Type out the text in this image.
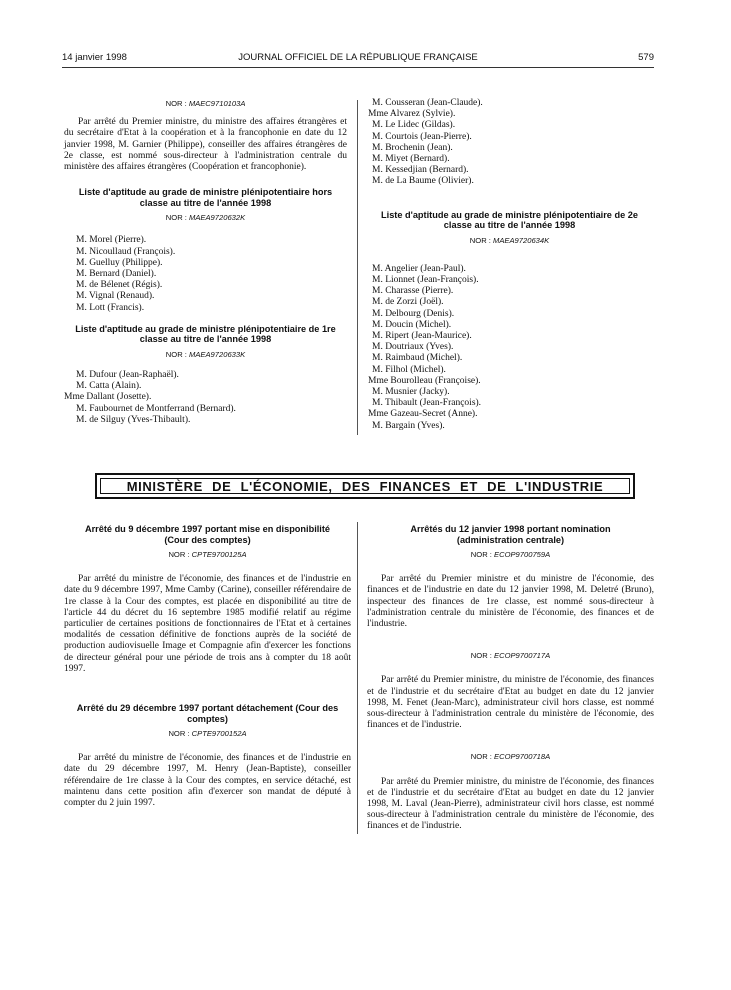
14 janvier 1998	JOURNAL OFFICIEL DE LA RÉPUBLIQUE FRANÇAISE	579

NOR : MAEC9710103A

Par arrêté du Premier ministre, du ministre des affaires étrangères et du secrétaire d'Etat à la coopération et à la francophonie en date du 12 janvier 1998, M. Garnier (Philippe), conseiller des affaires étrangères de 2e classe, est nommé sous-directeur à l'administration centrale du ministère des affaires étrangères (Coopération et francophonie).

Liste d'aptitude au grade de ministre plénipotentiaire hors classe au titre de l'année 1998

NOR : MAEA9720632K

M. Morel (Pierre).
M. Nicoullaud (François).
M. Guelluy (Philippe).
M. Bernard (Daniel).
M. de Bélenet (Régis).
M. Vignal (Renaud).
M. Lott (Francis).

Liste d'aptitude au grade de ministre plénipotentiaire de 1re classe au titre de l'année 1998

NOR : MAEA9720633K

M. Dufour (Jean-Raphaël).
M. Catta (Alain).
Mme Dallant (Josette).
M. Faubournet de Montferrand (Bernard).
M. de Silguy (Yves-Thibault).
M. Cousseran (Jean-Claude).
Mme Alvarez (Sylvie).
M. Le Lidec (Gildas).
M. Courtois (Jean-Pierre).
M. Brochenin (Jean).
M. Miyet (Bernard).
M. Kessedjian (Bernard).
M. de La Baume (Olivier).

Liste d'aptitude au grade de ministre plénipotentiaire de 2e classe au titre de l'année 1998

NOR : MAEA9720634K

M. Angelier (Jean-Paul).
M. Lionnet (Jean-François).
M. Charasse (Pierre).
M. de Zorzi (Joël).
M. Delbourg (Denis).
M. Doucin (Michel).
M. Ripert (Jean-Maurice).
M. Doutriaux (Yves).
M. Raimbaud (Michel).
M. Filhol (Michel).
Mme Bourolleau (Françoise).
M. Musnier (Jacky).
M. Thibault (Jean-François).
Mme Gazeau-Secret (Anne).
M. Bargain (Yves).
MINISTÈRE DE L'ÉCONOMIE, DES FINANCES ET DE L'INDUSTRIE

Arrêté du 9 décembre 1997 portant mise en disponibilité (Cour des comptes)

NOR : CPTE9700125A

Par arrêté du ministre de l'économie, des finances et de l'industrie en date du 9 décembre 1997, Mme Camby (Carine), conseiller référendaire de 1re classe à la Cour des comptes, est placée en disponibilité au titre de l'article 44 du décret du 16 septembre 1985 modifié relatif au régime particulier de certaines positions de fonctionnaires de l'Etat et à certaines modalités de cessation définitive de fonctions auprès de la société de production audiovisuelle Image et Compagnie afin d'exercer les fonctions de directeur général pour une période de trois ans à compter du 18 août 1997.

Arrêté du 29 décembre 1997 portant détachement (Cour des comptes)

NOR : CPTE9700152A

Par arrêté du ministre de l'économie, des finances et de l'industrie en date du 29 décembre 1997, M. Henry (Jean-Baptiste), conseiller référendaire de 1re classe à la Cour des comptes, en service détaché, est maintenu dans cette position afin d'exercer son mandat de député à compter du 2 juin 1997.

Arrêtés du 12 janvier 1998 portant nomination (administration centrale)

NOR : ECOP9700759A

Par arrêté du Premier ministre et du ministre de l'économie, des finances et de l'industrie en date du 12 janvier 1998, M. Deletré (Bruno), inspecteur des finances de 1re classe, est nommé sous-directeur à l'administration centrale du ministère de l'économie, des finances et de l'industrie.

NOR : ECOP9700717A

Par arrêté du Premier ministre, du ministre de l'économie, des finances et de l'industrie et du secrétaire d'Etat au budget en date du 12 janvier 1998, M. Fenet (Jean-Marc), administrateur civil hors classe, est nommé sous-directeur à l'administration centrale du ministère de l'économie, des finances et de l'industrie.

NOR : ECOP9700718A

Par arrêté du Premier ministre, du ministre de l'économie, des finances et de l'industrie et du secrétaire d'Etat au budget en date du 12 janvier 1998, M. Laval (Jean-Pierre), administrateur civil hors classe, est nommé sous-directeur à l'administration centrale du ministère de l'économie, des finances et de l'industrie.
